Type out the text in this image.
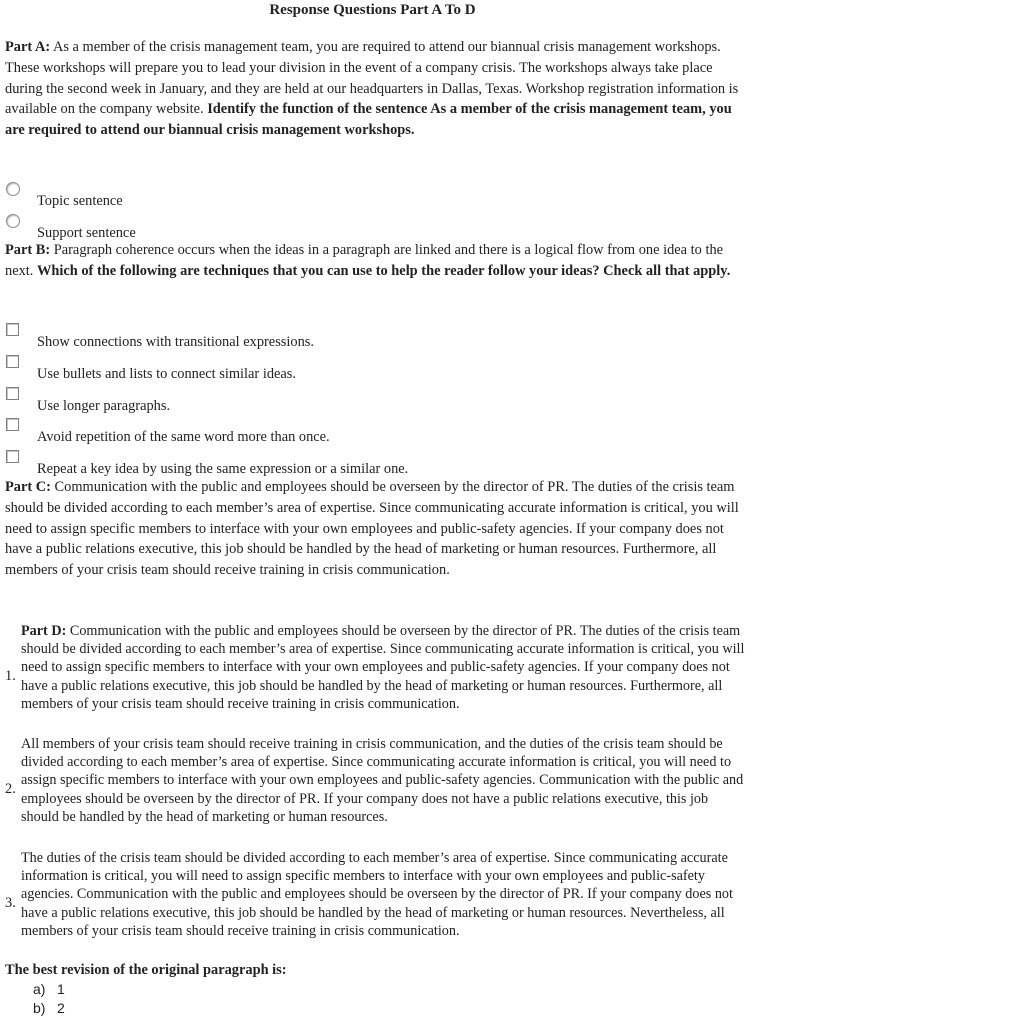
Response Questions Part A To D
Part A: As a member of the crisis management team, you are required to attend our biannual crisis management workshops. These workshops will prepare you to lead your division in the event of a company crisis. The workshops always take place during the second week in January, and they are held at our headquarters in Dallas, Texas. Workshop registration information is available on the company website. Identify the function of the sentence As a member of the crisis management team, you are required to attend our biannual crisis management workshops.
Topic sentence
Support sentence
Part B: Paragraph coherence occurs when the ideas in a paragraph are linked and there is a logical flow from one idea to the next. Which of the following are techniques that you can use to help the reader follow your ideas? Check all that apply.
Show connections with transitional expressions.
Use bullets and lists to connect similar ideas.
Use longer paragraphs.
Avoid repetition of the same word more than once.
Repeat a key idea by using the same expression or a similar one.
Part C: Communication with the public and employees should be overseen by the director of PR. The duties of the crisis team should be divided according to each member’s area of expertise. Since communicating accurate information is critical, you will need to assign specific members to interface with your own employees and public-safety agencies. If your company does not have a public relations executive, this job should be handled by the head of marketing or human resources. Furthermore, all members of your crisis team should receive training in crisis communication.
1.
Part D: Communication with the public and employees should be overseen by the director of PR. The duties of the crisis team should be divided according to each member’s area of expertise. Since communicating accurate information is critical, you will need to assign specific members to interface with your own employees and public-safety agencies. If your company does not have a public relations executive, this job should be handled by the head of marketing or human resources. Furthermore, all members of your crisis team should receive training in crisis communication.
2.
All members of your crisis team should receive training in crisis communication, and the duties of the crisis team should be divided according to each member’s area of expertise. Since communicating accurate information is critical, you will need to assign specific members to interface with your own employees and public-safety agencies. Communication with the public and employees should be overseen by the director of PR. If your company does not have a public relations executive, this job should be handled by the head of marketing or human resources.
3.
The duties of the crisis team should be divided according to each member’s area of expertise. Since communicating accurate information is critical, you will need to assign specific members to interface with your own employees and public-safety agencies. Communication with the public and employees should be overseen by the director of PR. If your company does not have a public relations executive, this job should be handled by the head of marketing or human resources. Nevertheless, all members of your crisis team should receive training in crisis communication.
The best revision of the original paragraph is:
a) 1
b) 2
